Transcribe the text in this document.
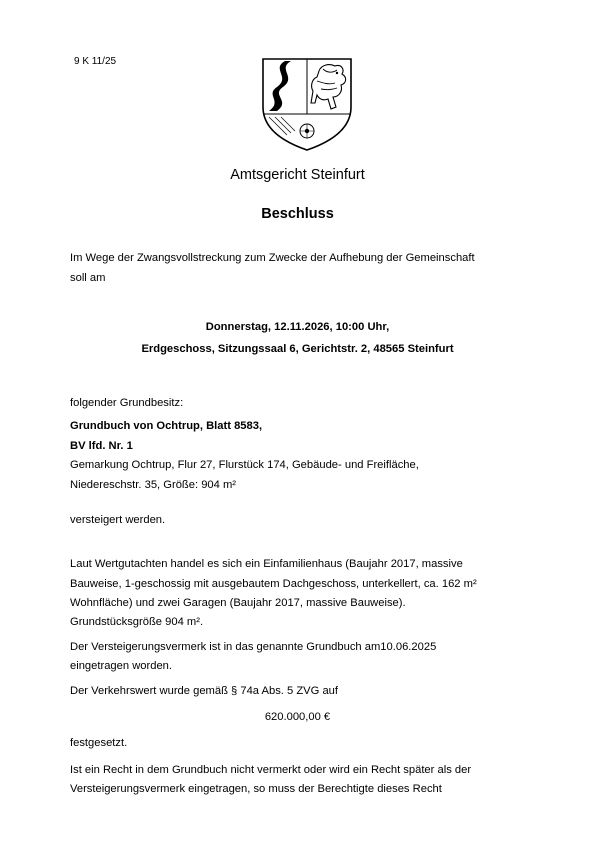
9 K 11/25
Amtsgericht Steinfurt
Beschluss
Im Wege der Zwangsvollstreckung zum Zwecke der Aufhebung der Gemeinschaft
soll am
Donnerstag, 12.11.2026, 10:00 Uhr,
Erdgeschoss, Sitzungssaal 6, Gerichtstr. 2, 48565 Steinfurt
folgender Grundbesitz:
Grundbuch von Ochtrup, Blatt 8583,
BV lfd. Nr. 1
Gemarkung Ochtrup, Flur 27, Flurstück 174, Gebäude- und Freifläche,
Niedereschstr. 35, Größe: 904 m²
versteigert werden.
Laut Wertgutachten handel es sich ein Einfamilienhaus (Baujahr 2017, massive
Bauweise, 1-geschossig mit ausgebautem Dachgeschoss, unterkellert, ca. 162 m²
Wohnfläche) und zwei Garagen (Baujahr 2017, massive Bauweise).
Grundstücksgröße 904 m².
Der Versteigerungsvermerk ist in das genannte Grundbuch am10.06.2025
eingetragen worden.
Der Verkehrswert wurde gemäß § 74a Abs. 5 ZVG auf
620.000,00 €
festgesetzt.
Ist ein Recht in dem Grundbuch nicht vermerkt oder wird ein Recht später als der
Versteigerungsvermerk eingetragen, so muss der Berechtigte dieses Recht
